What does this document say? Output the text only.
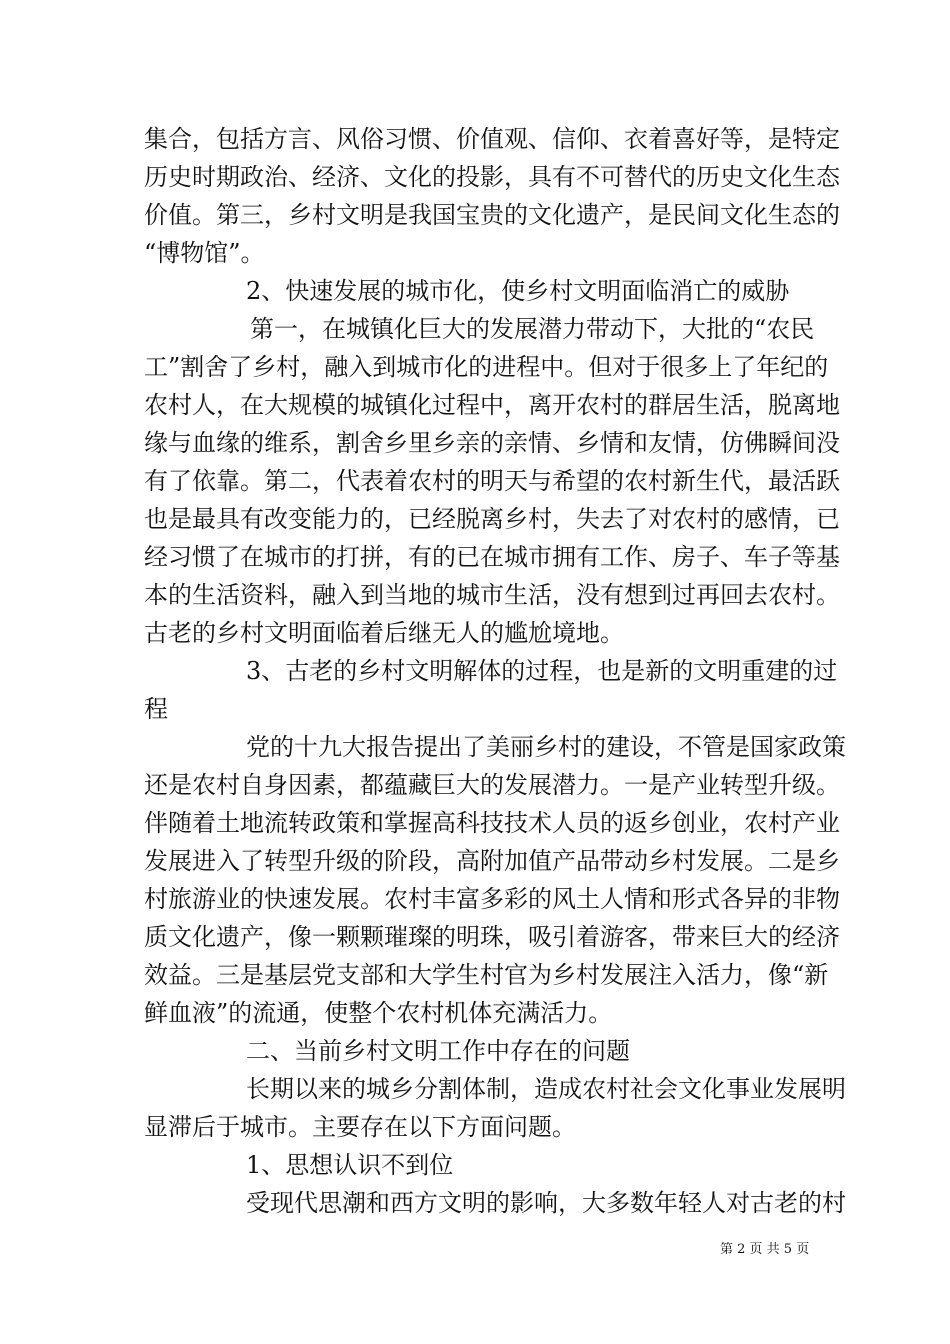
集合，包括方言、风俗习惯、价值观、信仰、衣着喜好等，是特定
历史时期政治、经济、文化的投影，具有不可替代的历史文化生态
价值。第三，乡村文明是我国宝贵的文化遗产，是民间文化生态的
“博物馆”。
2、快速发展的城市化，使乡村文明面临消亡的威胁
第一，在城镇化巨大的发展潜力带动下，大批的“农民
工”割舍了乡村，融入到城市化的进程中。但对于很多上了年纪的
农村人，在大规模的城镇化过程中，离开农村的群居生活，脱离地
缘与血缘的维系，割舍乡里乡亲的亲情、乡情和友情，仿佛瞬间没
有了依靠。第二，代表着农村的明天与希望的农村新生代，最活跃
也是最具有改变能力的，已经脱离乡村，失去了对农村的感情，已
经习惯了在城市的打拼，有的已在城市拥有工作、房子、车子等基
本的生活资料，融入到当地的城市生活，没有想到过再回去农村。
古老的乡村文明面临着后继无人的尴尬境地。
3、古老的乡村文明解体的过程，也是新的文明重建的过
程
党的十九大报告提出了美丽乡村的建设，不管是国家政策
还是农村自身因素，都蕴藏巨大的发展潜力。一是产业转型升级。
伴随着土地流转政策和掌握高科技技术人员的返乡创业，农村产业
发展进入了转型升级的阶段，高附加值产品带动乡村发展。二是乡
村旅游业的快速发展。农村丰富多彩的风土人情和形式各异的非物
质文化遗产，像一颗颗璀璨的明珠，吸引着游客，带来巨大的经济
效益。三是基层党支部和大学生村官为乡村发展注入活力，像“新
鲜血液”的流通，使整个农村机体充满活力。
二、当前乡村文明工作中存在的问题
长期以来的城乡分割体制，造成农村社会文化事业发展明
显滞后于城市。主要存在以下方面问题。
1、思想认识不到位
受现代思潮和西方文明的影响，大多数年轻人对古老的村
第 2 页 共 5 页
